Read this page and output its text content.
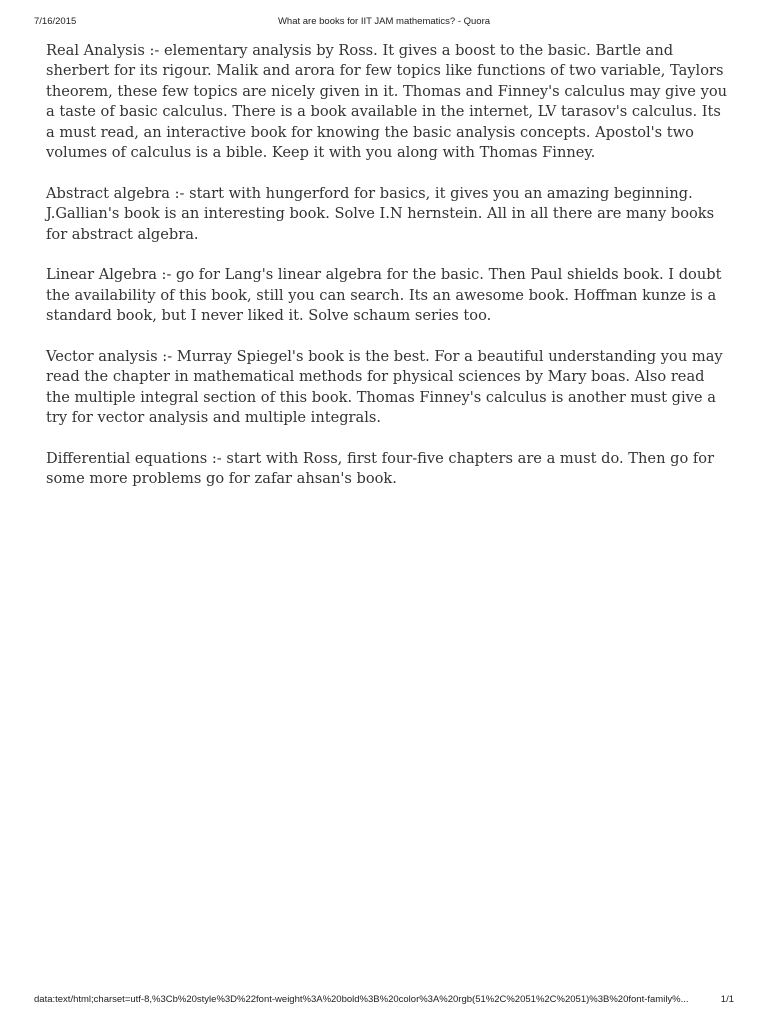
7/16/2015	What are books for IIT JAM mathematics? - Quora

Real Analysis :- elementary analysis by Ross. It gives a boost to the basic. Bartle and sherbert for its rigour. Malik and arora for few topics like functions of two variable, Taylors theorem, these few topics are nicely given in it. Thomas and Finney's calculus may give you a taste of basic calculus. There is a book available in the internet, LV tarasov's calculus. Its a must read, an interactive book for knowing the basic analysis concepts. Apostol's two volumes of calculus is a bible. Keep it with you along with Thomas Finney.

Abstract algebra :- start with hungerford for basics, it gives you an amazing beginning. J.Gallian's book is an interesting book. Solve I.N hernstein. All in all there are many books for abstract algebra.

Linear Algebra :- go for Lang's linear algebra for the basic. Then Paul shields book. I doubt the availability of this book, still you can search. Its an awesome book. Hoffman kunze is a standard book, but I never liked it. Solve schaum series too.

Vector analysis :- Murray Spiegel's book is the best. For a beautiful understanding you may read the chapter in mathematical methods for physical sciences by Mary boas. Also read the multiple integral section of this book. Thomas Finney's calculus is another must give a try for vector analysis and multiple integrals.

Differential equations :- start with Ross, first four-five chapters are a must do. Then go for some more problems go for zafar ahsan's book.

data:text/html;charset=utf-8,%3Cb%20style%3D%22font-weight%3A%20bold%3B%20color%3A%20rgb(51%2C%2051%2C%2051)%3B%20font-family%...	1/1
